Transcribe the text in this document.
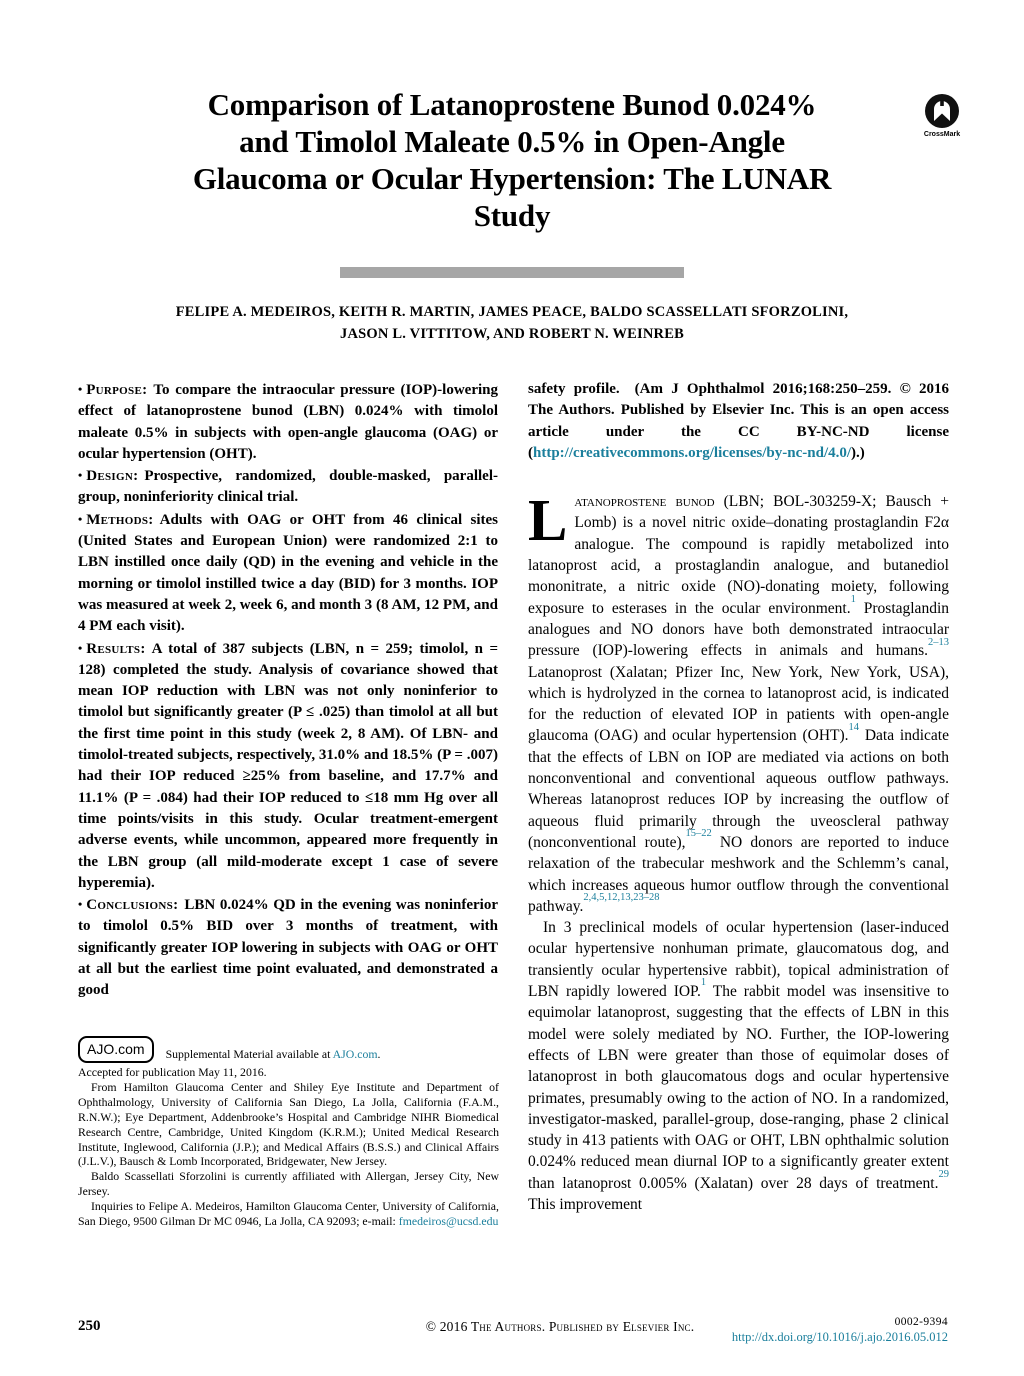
Comparison of Latanoprostene Bunod 0.024%
and Timolol Maleate 0.5% in Open-Angle
Glaucoma or Ocular Hypertension: The LUNAR
Study
CrossMark
FELIPE A. MEDEIROS, KEITH R. MARTIN, JAMES PEACE, BALDO SCASSELLATI SFORZOLINI,
JASON L. VITTITOW, AND ROBERT N. WEINREB

• Purpose: To compare the intraocular pressure (IOP)-lowering effect of latanoprostene bunod (LBN) 0.024% with timolol maleate 0.5% in subjects with open-angle glaucoma (OAG) or ocular hypertension (OHT).

• Design: Prospective, randomized, double-masked, parallel-group, noninferiority clinical trial.

• Methods: Adults with OAG or OHT from 46 clinical sites (United States and European Union) were randomized 2:1 to LBN instilled once daily (QD) in the evening and vehicle in the morning or timolol instilled twice a day (BID) for 3 months. IOP was measured at week 2, week 6, and month 3 (8 AM, 12 PM, and 4 PM each visit).

• Results: A total of 387 subjects (LBN, n = 259; timolol, n = 128) completed the study. Analysis of covariance showed that mean IOP reduction with LBN was not only noninferior to timolol but significantly greater (P ≤ .025) than timolol at all but the first time point in this study (week 2, 8 AM). Of LBN- and timolol-treated subjects, respectively, 31.0% and 18.5% (P = .007) had their IOP reduced ≥25% from baseline, and 17.7% and 11.1% (P = .084) had their IOP reduced to ≤18 mm Hg over all time points/visits in this study. Ocular treatment-emergent adverse events, while uncommon, appeared more frequently in the LBN group (all mild-moderate except 1 case of severe hyperemia).

• Conclusions: LBN 0.024% QD in the evening was noninferior to timolol 0.5% BID over 3 months of treatment, with significantly greater IOP lowering in subjects with OAG or OHT at all but the earliest time point evaluated, and demonstrated a good

safety profile. (Am J Ophthalmol 2016;168:250–259. © 2016 The Authors. Published by Elsevier Inc. This is an open access article under the CC BY-NC-ND license (http://creativecommons.org/licenses/by-nc-nd/4.0/).)

Latanoprostene bunod (LBN; BOL-303259-X; Bausch + Lomb) is a novel nitric oxide–donating prostaglandin F2α analogue. The compound is rapidly metabolized into latanoprost acid, a prostaglandin analogue, and butanediol mononitrate, a nitric oxide (NO)-donating moiety, following exposure to esterases in the ocular environment.$^1$ Prostaglandin analogues and NO donors have both demonstrated intraocular pressure (IOP)-lowering effects in animals and humans.$^{2-13}$ Latanoprost (Xalatan; Pfizer Inc, New York, New York, USA), which is hydrolyzed in the cornea to latanoprost acid, is indicated for the reduction of elevated IOP in patients with open-angle glaucoma (OAG) and ocular hypertension (OHT).$^{14}$ Data indicate that the effects of LBN on IOP are mediated via actions on both nonconventional and conventional aqueous outflow pathways. Whereas latanoprost reduces IOP by increasing the outflow of aqueous fluid primarily through the uveoscleral pathway (nonconventional route),$^{15-22}$ NO donors are reported to induce relaxation of the trabecular meshwork and the Schlemm’s canal, which increases aqueous humor outflow through the conventional pathway.$^{2,4,5,12,13,23-28}$

In 3 preclinical models of ocular hypertension (laser-induced ocular hypertensive nonhuman primate, glaucomatous dog, and transiently ocular hypertensive rabbit), topical administration of LBN rapidly lowered IOP.$^1$ The rabbit model was insensitive to equimolar latanoprost, suggesting that the effects of LBN in this model were solely mediated by NO. Further, the IOP-lowering effects of LBN were greater than those of equimolar doses of latanoprost in both glaucomatous dogs and ocular hypertensive primates, presumably owing to the action of NO. In a randomized, investigator-masked, parallel-group, dose-ranging, phase 2 clinical study in 413 patients with OAG or OHT, LBN ophthalmic solution 0.024% reduced mean diurnal IOP to a significantly greater extent than latanoprost 0.005% (Xalatan) over 28 days of treatment.$^{29}$ This improvement

AJO.com	Supplemental Material available at AJO.com.

Accepted for publication May 11, 2016.

From Hamilton Glaucoma Center and Shiley Eye Institute and Department of Ophthalmology, University of California San Diego, La Jolla, California (F.A.M., R.N.W.); Eye Department, Addenbrooke’s Hospital and Cambridge NIHR Biomedical Research Centre, Cambridge, United Kingdom (K.R.M.); United Medical Research Institute, Inglewood, California (J.P.); and Medical Affairs (B.S.S.) and Clinical Affairs (J.L.V.), Bausch & Lomb Incorporated, Bridgewater, New Jersey.

Baldo Scassellati Sforzolini is currently affiliated with Allergan, Jersey City, New Jersey.

Inquiries to Felipe A. Medeiros, Hamilton Glaucoma Center, University of California, San Diego, 9500 Gilman Dr MC 0946, La Jolla, CA 92093; e-mail: fmedeiros@ucsd.edu

250	© 2016 The Authors. Published by Elsevier Inc.	0002-9394
http://dx.doi.org/10.1016/j.ajo.2016.05.012
